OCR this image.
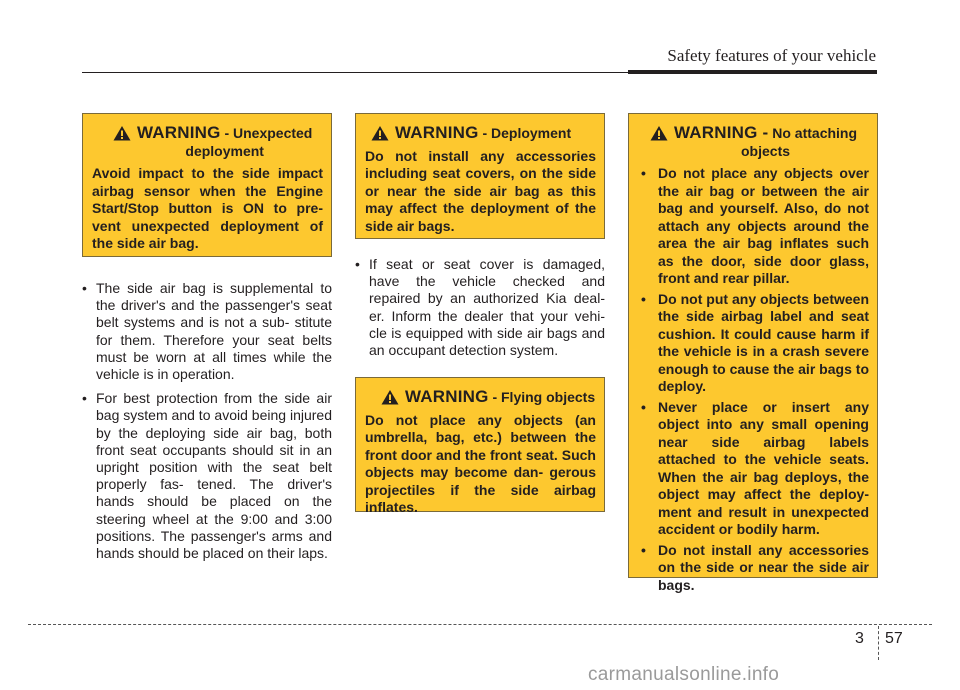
Safety features of your vehicle
WARNING - Unexpected
deployment
Avoid impact to the side impact airbag sensor when the Engine Start/Stop button is ON to pre- vent unexpected deployment of the side air bag.
WARNING - Deployment
Do not install any accessories including seat covers, on the side or near the side air bag as this may affect the deployment of the side air bags.
WARNING - Flying objects
Do not place any objects (an umbrella, bag, etc.) between the front door and the front seat. Such objects may become dan- gerous projectiles if the side airbag inflates.
WARNING - No attaching
objects
• Do not place any objects over the air bag or between the air bag and yourself. Also, do not attach any objects around the area the air bag inflates such as the door, side door glass, front and rear pillar.
• Do not put any objects between the side airbag label and seat cushion. It could cause harm if the vehicle is in a crash severe enough to cause the air bags to deploy.
• Never place or insert any object into any small opening near side airbag labels attached to the vehicle seats. When the air bag deploys, the object may affect the deploy- ment and result in unexpected accident or bodily harm.
• Do not install any accessories on the side or near the side air bags.
• The side air bag is supplemental to the driver's and the passenger's seat belt systems and is not a sub- stitute for them. Therefore your seat belts must be worn at all times while the vehicle is in operation.
• For best protection from the side air bag system and to avoid being injured by the deploying side air bag, both front seat occupants should sit in an upright position with the seat belt properly fas- tened. The driver's hands should be placed on the steering wheel at the 9:00 and 3:00 positions. The passenger's arms and hands should be placed on their laps.
• If seat or seat cover is damaged, have the vehicle checked and repaired by an authorized Kia deal- er. Inform the dealer that your vehi- cle is equipped with side air bags and an occupant detection system.
3 57
carmanualsonline.info
